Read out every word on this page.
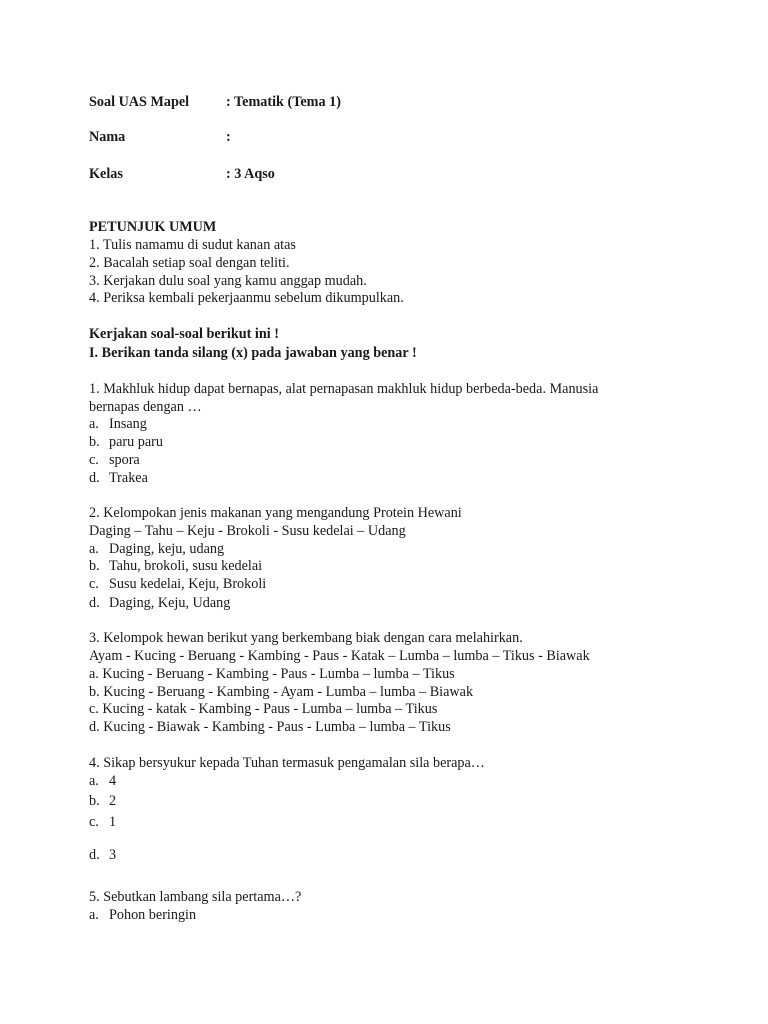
Soal UAS Mapel	: Tematik (Tema 1)
Nama	:
Kelas	: 3 Aqso
PETUNJUK UMUM
1. Tulis namamu di sudut kanan atas
2. Bacalah setiap soal dengan teliti.
3. Kerjakan dulu soal yang kamu anggap mudah.
4. Periksa kembali pekerjaanmu sebelum dikumpulkan.
Kerjakan soal-soal berikut ini !
I. Berikan tanda silang (x) pada jawaban yang benar !
1. Makhluk hidup dapat bernapas, alat pernapasan makhluk hidup berbeda-beda. Manusia
bernapas dengan …
a. Insang
b. paru paru
c. spora
d. Trakea
2. Kelompokan jenis makanan yang mengandung Protein Hewani
Daging – Tahu – Keju - Brokoli - Susu kedelai – Udang
a. Daging, keju, udang
b. Tahu, brokoli, susu kedelai
c. Susu kedelai, Keju, Brokoli
d. Daging, Keju, Udang
3. Kelompok hewan berikut yang berkembang biak dengan cara melahirkan.
Ayam - Kucing - Beruang - Kambing - Paus - Katak – Lumba – lumba – Tikus - Biawak
a. Kucing - Beruang - Kambing - Paus - Lumba – lumba – Tikus
b. Kucing - Beruang - Kambing - Ayam - Lumba – lumba – Biawak
c. Kucing - katak - Kambing - Paus - Lumba – lumba – Tikus
d. Kucing - Biawak - Kambing - Paus - Lumba – lumba – Tikus
4. Sikap bersyukur kepada Tuhan termasuk pengamalan sila berapa…
a. 4
b. 2
c. 1
d. 3
5. Sebutkan lambang sila pertama…?
a. Pohon beringin
